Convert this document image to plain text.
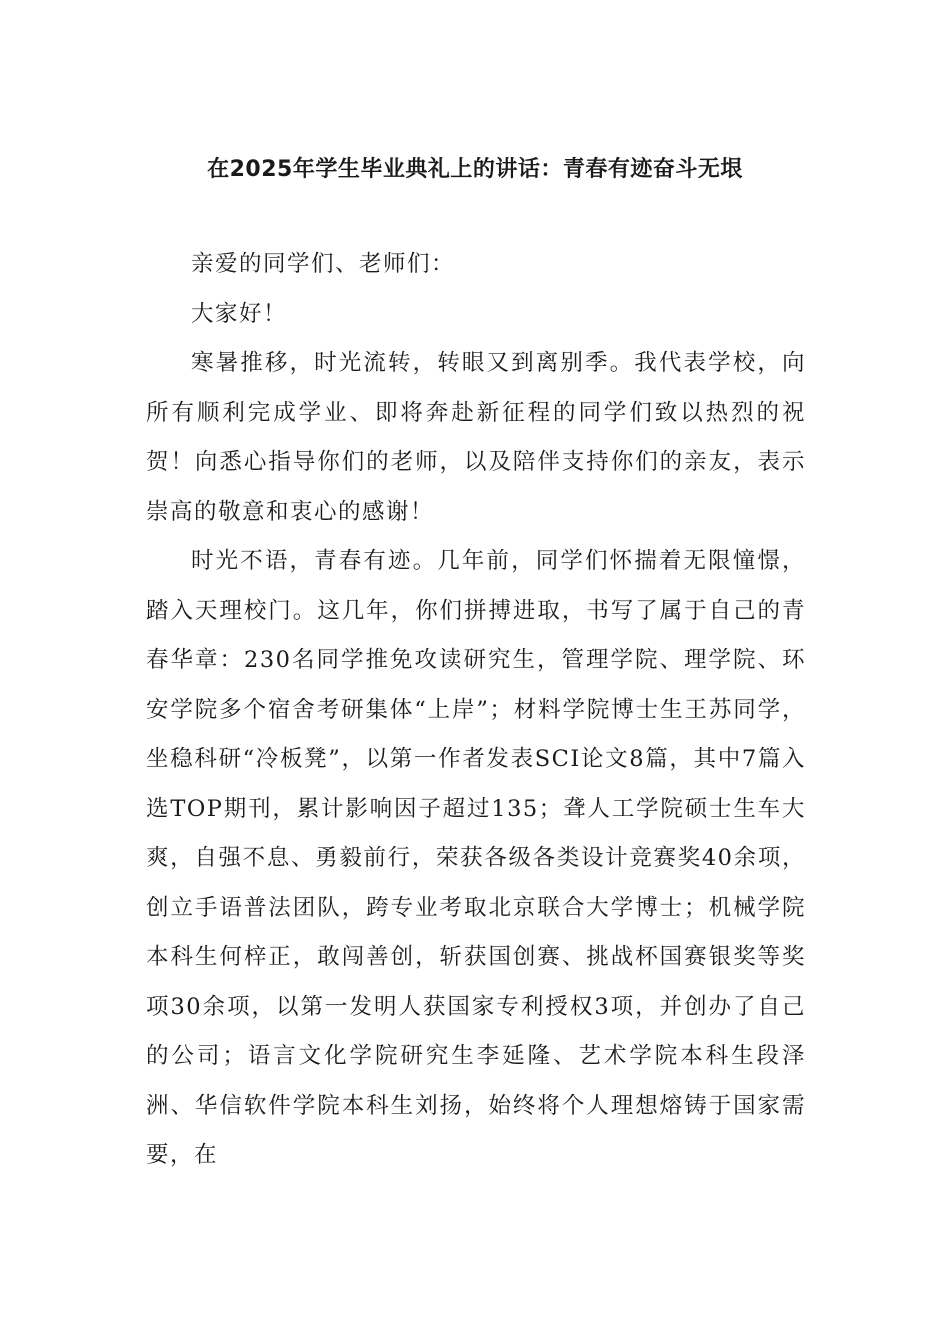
在2025年学生毕业典礼上的讲话：青春有迹奋斗无垠

亲爱的同学们、老师们：

大家好！

寒暑推移，时光流转，转眼又到离别季。我代表学校，向所有顺利完成学业、即将奔赴新征程的同学们致以热烈的祝贺！向悉心指导你们的老师，以及陪伴支持你们的亲友，表示崇高的敬意和衷心的感谢！

时光不语，青春有迹。几年前，同学们怀揣着无限憧憬，踏入天理校门。这几年，你们拼搏进取，书写了属于自己的青春华章：230名同学推免攻读研究生，管理学院、理学院、环安学院多个宿舍考研集体“上岸”；材料学院博士生王苏同学，坐稳科研“冷板凳”，以第一作者发表SCI论文8篇，其中7篇入选TOP期刊，累计影响因子超过135；聋人工学院硕士生车大爽，自强不息、勇毅前行，荣获各级各类设计竞赛奖40余项，创立手语普法团队，跨专业考取北京联合大学博士；机械学院本科生何梓正，敢闯善创，斩获国创赛、挑战杯国赛银奖等奖项30余项，以第一发明人获国家专利授权3项，并创办了自己的公司；语言文化学院研究生李延隆、艺术学院本科生段泽洲、华信软件学院本科生刘扬，始终将个人理想熔铸于国家需要，在
